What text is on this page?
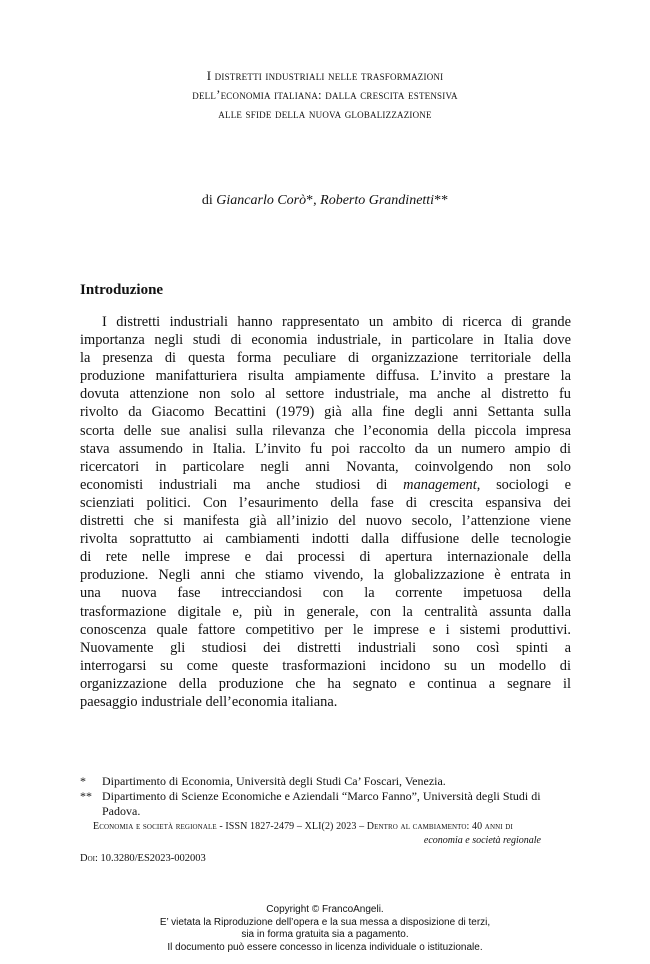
I distretti industriali nelle trasformazioni
dell’economia italiana: dalla crescita estensiva
alle sfide della nuova globalizzazione
di Giancarlo Corò*, Roberto Grandinetti**
Introduzione
I distretti industriali hanno rappresentato un ambito di ricerca di grande
importanza negli studi di economia industriale, in particolare in Italia dove
la presenza di questa forma peculiare di organizzazione territoriale della
produzione manifatturiera risulta ampiamente diffusa. L’invito a prestare la
dovuta attenzione non solo al settore industriale, ma anche al distretto fu
rivolto da Giacomo Becattini (1979) già alla fine degli anni Settanta sulla
scorta delle sue analisi sulla rilevanza che l’economia della piccola impresa
stava assumendo in Italia. L’invito fu poi raccolto da un numero ampio di
ricercatori in particolare negli anni Novanta, coinvolgendo non solo
economisti industriali ma anche studiosi di management, sociologi e
scienziati politici. Con l’esaurimento della fase di crescita espansiva dei
distretti che si manifesta già all’inizio del nuovo secolo, l’attenzione viene
rivolta soprattutto ai cambiamenti indotti dalla diffusione delle tecnologie
di rete nelle imprese e dai processi di apertura internazionale della
produzione. Negli anni che stiamo vivendo, la globalizzazione è entrata in
una nuova fase intrecciandosi con la corrente impetuosa della
trasformazione digitale e, più in generale, con la centralità assunta dalla
conoscenza quale fattore competitivo per le imprese e i sistemi produttivi.
Nuovamente gli studiosi dei distretti industriali sono così spinti a
interrogarsi su come queste trasformazioni incidono su un modello di
organizzazione della produzione che ha segnato e continua a segnare il
paesaggio industriale dell’economia italiana.
*	Dipartimento di Economia, Università degli Studi Ca’ Foscari, Venezia.
** Dipartimento di Scienze Economiche e Aziendali “Marco Fanno”, Università degli Studi di Padova.
Economia e società regionale - ISSN 1827-2479 – XLI(2) 2023 – Dentro al cambiamento: 40 anni di
economia e società regionale
Doi: 10.3280/ES2023-002003
Copyright © FrancoAngeli.
E’ vietata la Riproduzione dell’opera e la sua messa a disposizione di terzi,
sia in forma gratuita sia a pagamento.
Il documento può essere concesso in licenza individuale o istituzionale.
